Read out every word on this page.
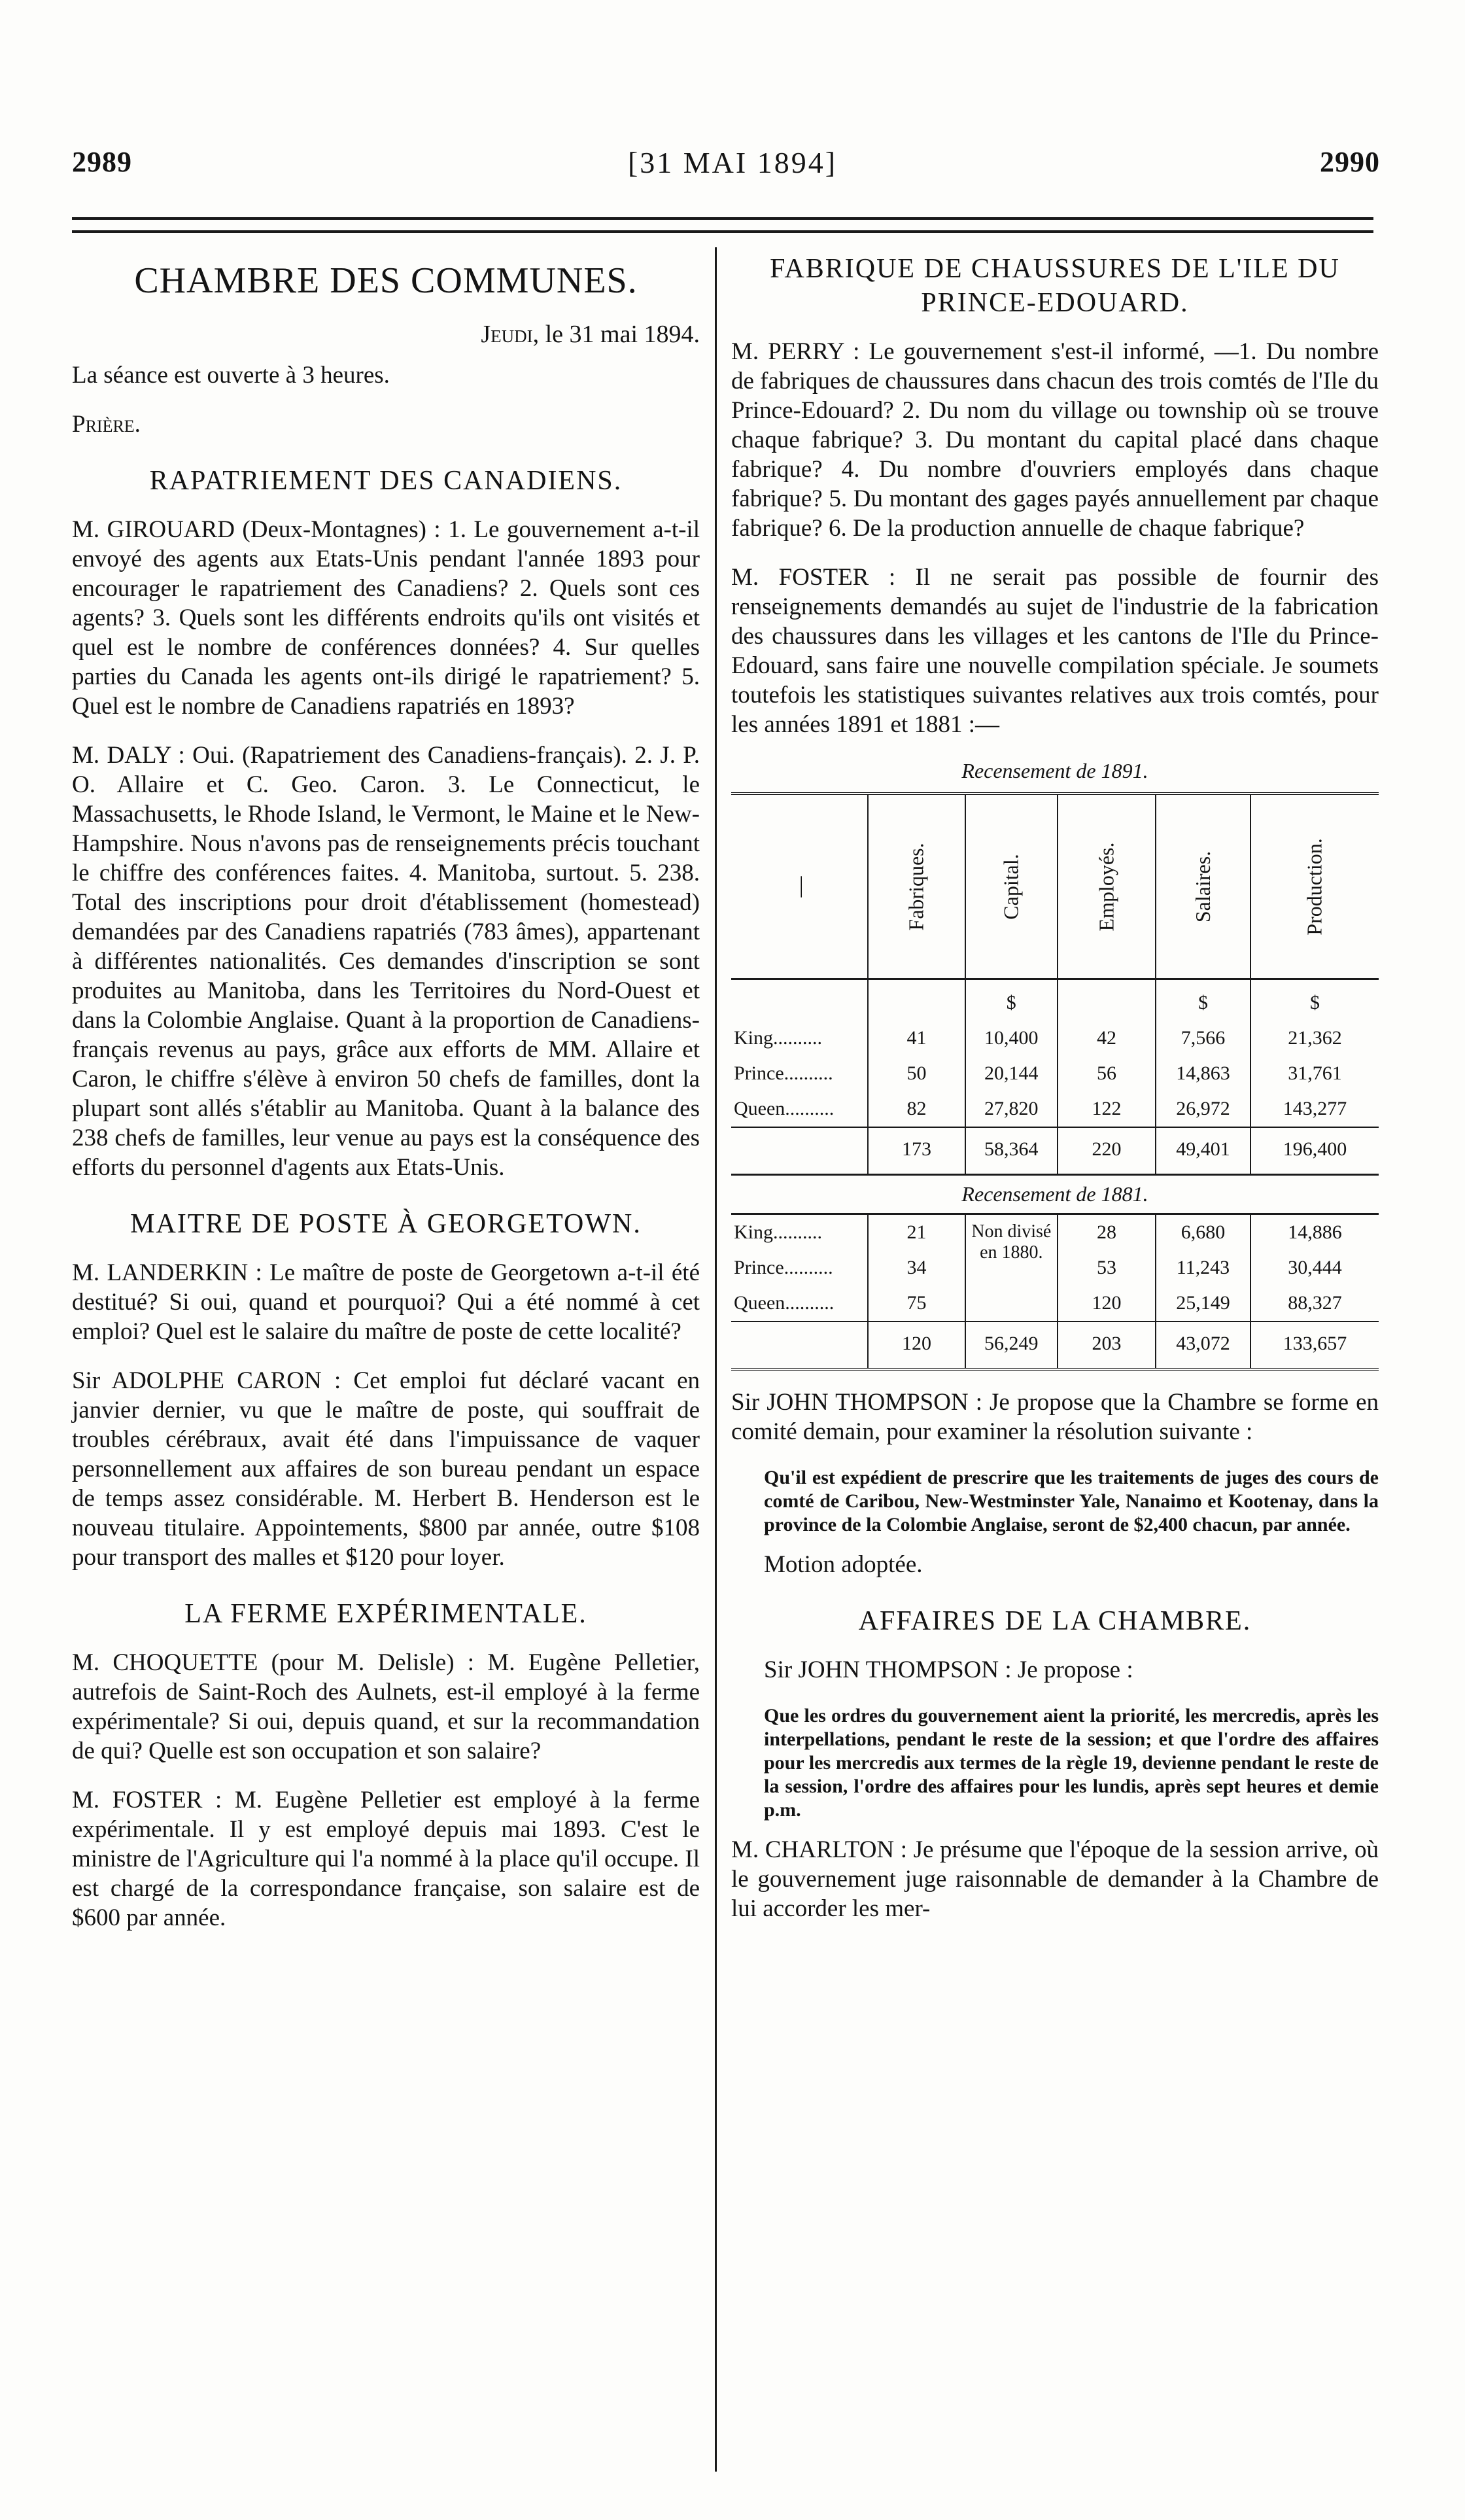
2989	[31 MAI 1894]	2990
CHAMBRE DES COMMUNES.
Jeudi, le 31 mai 1894.

La séance est ouverte à 3 heures.

Prière.

RAPATRIEMENT DES CANADIENS.

M. GIROUARD (Deux-Montagnes) : 1. Le gouvernement a-t-il envoyé des agents aux Etats-Unis pendant l'année 1893 pour encourager le rapatriement des Canadiens? 2. Quels sont ces agents? 3. Quels sont les différents endroits qu'ils ont visités et quel est le nombre de conférences données? 4. Sur quelles parties du Canada les agents ont-ils dirigé le rapatriement? 5. Quel est le nombre de Canadiens rapatriés en 1893?

M. DALY : Oui. (Rapatriement des Canadiens-français). 2. J. P. O. Allaire et C. Geo. Caron. 3. Le Connecticut, le Massachusetts, le Rhode Island, le Vermont, le Maine et le New-Hampshire. Nous n'avons pas de renseignements précis touchant le chiffre des conférences faites. 4. Manitoba, surtout. 5. 238. Total des inscriptions pour droit d'établissement (homestead) demandées par des Canadiens rapatriés (783 âmes), appartenant à différentes nationalités. Ces demandes d'inscription se sont produites au Manitoba, dans les Territoires du Nord-Ouest et dans la Colombie Anglaise. Quant à la proportion de Canadiens-français revenus au pays, grâce aux efforts de MM. Allaire et Caron, le chiffre s'élève à environ 50 chefs de familles, dont la plupart sont allés s'établir au Manitoba. Quant à la balance des 238 chefs de familles, leur venue au pays est la conséquence des efforts du personnel d'agents aux Etats-Unis.

MAITRE DE POSTE À GEORGETOWN.

M. LANDERKIN : Le maître de poste de Georgetown a-t-il été destitué? Si oui, quand et pourquoi? Qui a été nommé à cet emploi? Quel est le salaire du maître de poste de cette localité?

Sir ADOLPHE CARON : Cet emploi fut déclaré vacant en janvier dernier, vu que le maître de poste, qui souffrait de troubles cérébraux, avait été dans l'impuissance de vaquer personnellement aux affaires de son bureau pendant un espace de temps assez considérable. M. Herbert B. Henderson est le nouveau titulaire. Appointements, $800 par année, outre $108 pour transport des malles et $120 pour loyer.

LA FERME EXPÉRIMENTALE.

M. CHOQUETTE (pour M. Delisle) : M. Eugène Pelletier, autrefois de Saint-Roch des Aulnets, est-il employé à la ferme expérimentale? Si oui, depuis quand, et sur la recommandation de qui? Quelle est son occupation et son salaire?

M. FOSTER : M. Eugène Pelletier est employé à la ferme expérimentale. Il y est employé depuis mai 1893. C'est le ministre de l'Agriculture qui l'a nommé à la place qu'il occupe. Il est chargé de la correspondance française, son salaire est de $600 par année.

FABRIQUE DE CHAUSSURES DE L'ILE DU PRINCE-EDOUARD.

M. PERRY : Le gouvernement s'est-il informé, —1. Du nombre de fabriques de chaussures dans chacun des trois comtés de l'Ile du Prince-Edouard? 2. Du nom du village ou township où se trouve chaque fabrique? 3. Du montant du capital placé dans chaque fabrique? 4. Du nombre d'ouvriers employés dans chaque fabrique? 5. Du montant des gages payés annuellement par chaque fabrique? 6. De la production annuelle de chaque fabrique?

M. FOSTER : Il ne serait pas possible de fournir des renseignements demandés au sujet de l'industrie de la fabrication des chaussures dans les villages et les cantons de l'Ile du Prince-Edouard, sans faire une nouvelle compilation spéciale. Je soumets toutefois les statistiques suivantes relatives aux trois comtés, pour les années 1891 et 1881 :—

Recensement de 1891.
—	Fabriques.	Capital.	Employés.	Salaires.	Production.
		$		$	$
King..........	41	10,400	42	7,566	21,362
Prince..........	50	20,144	56	14,863	31,761
Queen..........	82	27,820	122	26,972	143,277
	173	58,364	220	49,401	196,400
Recensement de 1881.					
King..........	21	Non divisé en 1880.	28	6,680	14,886
Prince..........	34		53	11,243	30,444
Queen..........	75		120	25,149	88,327
	120	56,249	203	43,072	133,657

Sir JOHN THOMPSON : Je propose que la Chambre se forme en comité demain, pour examiner la résolution suivante :

Qu'il est expédient de prescrire que les traitements de juges des cours de comté de Caribou, New-Westminster Yale, Nanaimo et Kootenay, dans la province de la Colombie Anglaise, seront de $2,400 chacun, par année.

Motion adoptée.

AFFAIRES DE LA CHAMBRE.

Sir JOHN THOMPSON : Je propose :

Que les ordres du gouvernement aient la priorité, les mercredis, après les interpellations, pendant le reste de la session; et que l'ordre des affaires pour les mercredis aux termes de la règle 19, devienne pendant le reste de la session, l'ordre des affaires pour les lundis, après sept heures et demie p.m.

M. CHARLTON : Je présume que l'époque de la session arrive, où le gouvernement juge raisonnable de demander à la Chambre de lui accorder les mer-
